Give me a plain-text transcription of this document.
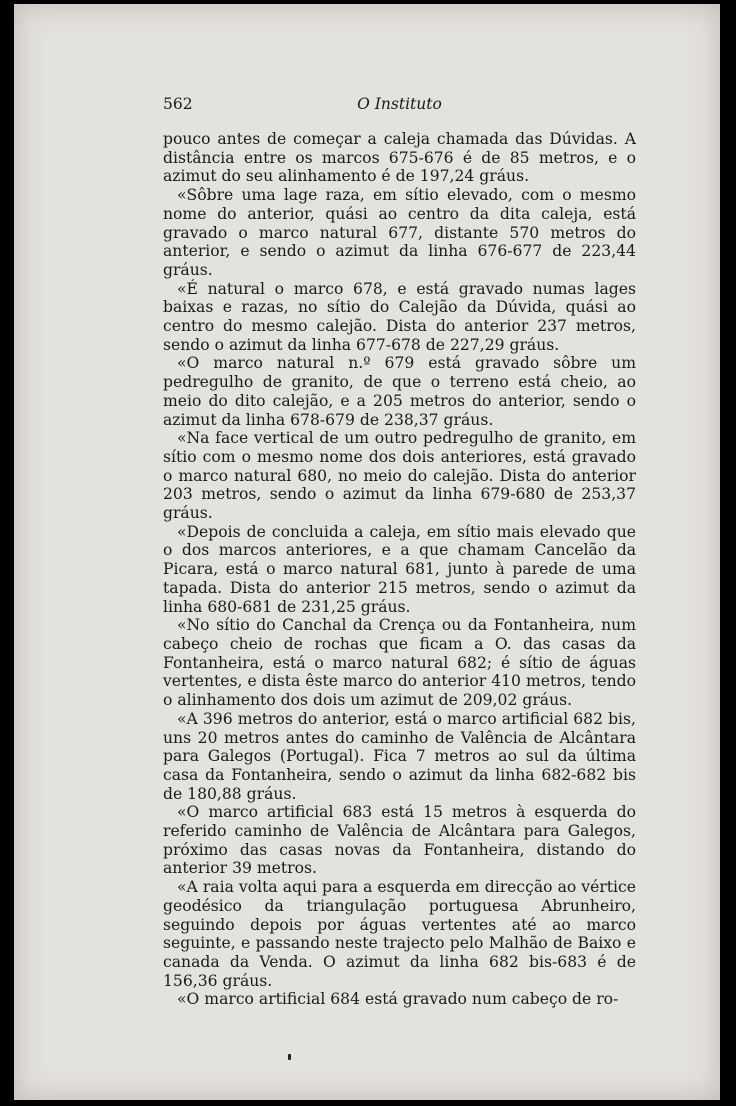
562	O Instituto

pouco antes de começar a caleja chamada das Dúvidas. A distância entre os marcos 675-676 é de 85 metros, e o azimut do seu alinhamento é de 197,24 gráus.

«Sôbre uma lage raza, em sítio elevado, com o mesmo nome do anterior, quási ao centro da dita caleja, está gravado o marco natural 677, distante 570 metros do anterior, e sendo o azimut da linha 676-677 de 223,44 gráus.

«É natural o marco 678, e está gravado numas lages baixas e razas, no sítio do Calejão da Dúvida, quási ao centro do mesmo calejão. Dista do anterior 237 metros, sendo o azimut da linha 677-678 de 227,29 gráus.

«O marco natural n.º 679 está gravado sôbre um pedregulho de granito, de que o terreno está cheio, ao meio do dito calejão, e a 205 metros do anterior, sendo o azimut da linha 678-679 de 238,37 gráus.

«Na face vertical de um outro pedregulho de granito, em sítio com o mesmo nome dos dois anteriores, está gravado o marco natural 680, no meio do calejão. Dista do anterior 203 metros, sendo o azimut da linha 679-680 de 253,37 gráus.

«Depois de concluida a caleja, em sítio mais elevado que o dos marcos anteriores, e a que chamam Cancelão da Picara, está o marco natural 681, junto à parede de uma tapada. Dista do anterior 215 metros, sendo o azimut da linha 680-681 de 231,25 gráus.

«No sítio do Canchal da Crença ou da Fontanheira, num cabeço cheio de rochas que ficam a O. das casas da Fontanheira, está o marco natural 682; é sítio de águas vertentes, e dista êste marco do anterior 410 metros, tendo o alinhamento dos dois um azimut de 209,02 gráus.

«A 396 metros do anterior, está o marco artificial 682 bis, uns 20 metros antes do caminho de Valência de Alcântara para Galegos (Portugal). Fica 7 metros ao sul da última casa da Fontanheira, sendo o azimut da linha 682-682 bis de 180,88 gráus.

«O marco artificial 683 está 15 metros à esquerda do referido caminho de Valência de Alcântara para Galegos, próximo das casas novas da Fontanheira, distando do anterior 39 metros.

«A raia volta aqui para a esquerda em direcção ao vértice geodésico da triangulação portuguesa Abrunheiro, seguindo depois por águas vertentes até ao marco seguinte, e passando neste trajecto pelo Malhão de Baixo e canada da Venda. O azimut da linha 682 bis-683 é de 156,36 gráus.

«O marco artificial 684 está gravado num cabeço de ro-
